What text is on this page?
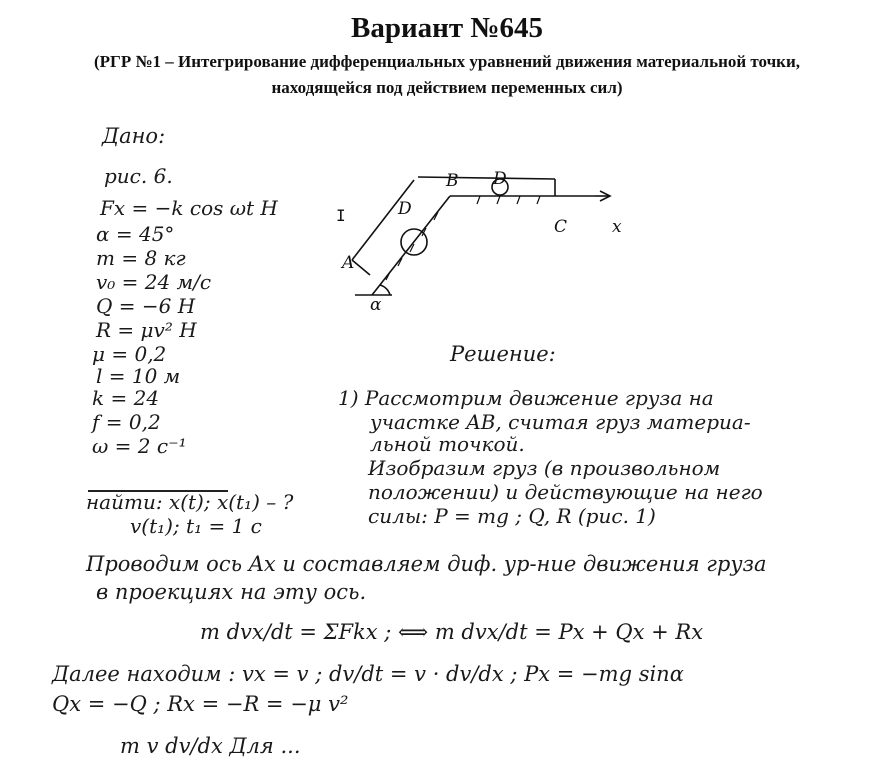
Вариант №645
(РГР №1 – Интегрирование дифференциальных уравнений движения материальной точки,
находящейся под действием переменных сил)
Дано:
рис. 6.
Fx = −k cos ωt H
α = 45°
m = 8 кг
v₀ = 24 м/с
Q = −6 H
R = μv² H
μ = 0,2
l = 10 м
k = 24
f = 0,2
ω = 2 с⁻¹
найти: x(t); x(t₁) – ?
v(t₁); t₁ = 1 с
I
A
B
C
D
D
x
α
Решение:
1) Рассмотрим движение груза на
участке AB, считая груз материа-
льной точкой.
Изобразим груз (в произвольном
положении) и действующие на него
силы: P = mg ; Q, R (рис. 1)
Проводим ось Ax и составляем диф. ур-ние движения груза
в проекциях на эту ось.
m dvx/dt = ΣFkx ; ⟺ m dvx/dt = Px + Qx + Rx
Далее находим : vx = v ; dv/dt = v · dv/dx ; Px = −mg sinα
Qx = −Q ; Rx = −R = −μ v²
m v dv/dx Для ...
